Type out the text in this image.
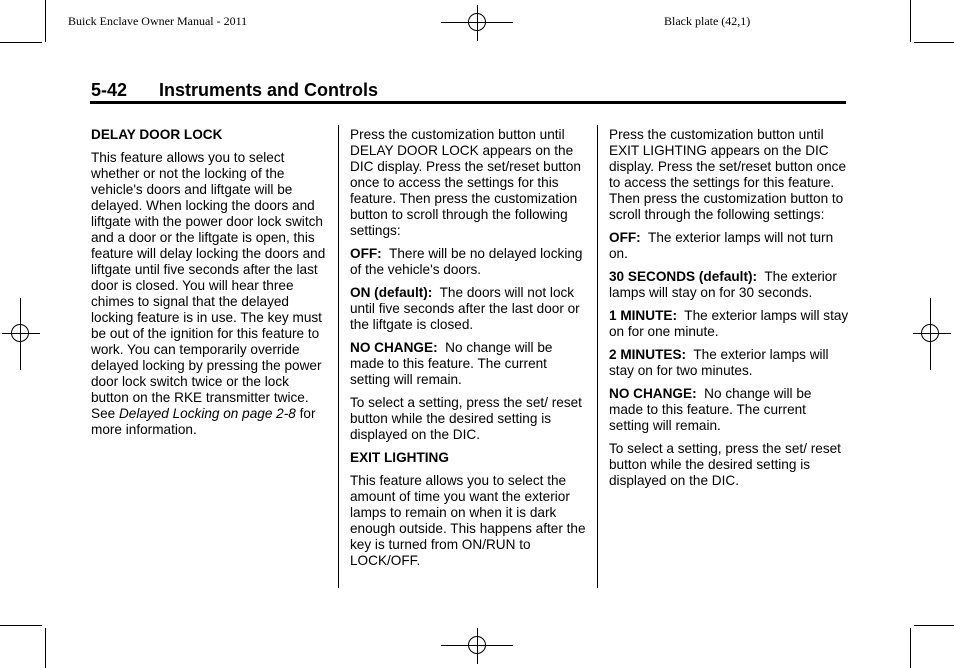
Buick Enclave Owner Manual - 2011	Black plate (42,1)
5-42 Instruments and Controls

DELAY DOOR LOCK

This feature allows you to select whether or not the locking of the vehicle's doors and liftgate will be delayed. When locking the doors and liftgate with the power door lock switch and a door or the liftgate is open, this feature will delay locking the doors and liftgate until five seconds after the last door is closed. You will hear three chimes to signal that the delayed locking feature is in use. The key must be out of the ignition for this feature to work. You can temporarily override delayed locking by pressing the power door lock switch twice or the lock button on the RKE transmitter twice. See Delayed Locking on page 2-8 for more information.

Press the customization button until DELAY DOOR LOCK appears on the DIC display. Press the set/reset button once to access the settings for this feature. Then press the customization button to scroll through the following settings:

OFF: There will be no delayed locking of the vehicle's doors.

ON (default): The doors will not lock until five seconds after the last door or the liftgate is closed.

NO CHANGE: No change will be made to this feature. The current setting will remain.

To select a setting, press the set/ reset button while the desired setting is displayed on the DIC.

EXIT LIGHTING

This feature allows you to select the amount of time you want the exterior lamps to remain on when it is dark enough outside. This happens after the key is turned from ON/RUN to LOCK/OFF.

Press the customization button until EXIT LIGHTING appears on the DIC display. Press the set/reset button once to access the settings for this feature. Then press the customization button to scroll through the following settings:

OFF: The exterior lamps will not turn on.

30 SECONDS (default): The exterior lamps will stay on for 30 seconds.

1 MINUTE: The exterior lamps will stay on for one minute.

2 MINUTES: The exterior lamps will stay on for two minutes.

NO CHANGE: No change will be made to this feature. The current setting will remain.

To select a setting, press the set/ reset button while the desired setting is displayed on the DIC.
